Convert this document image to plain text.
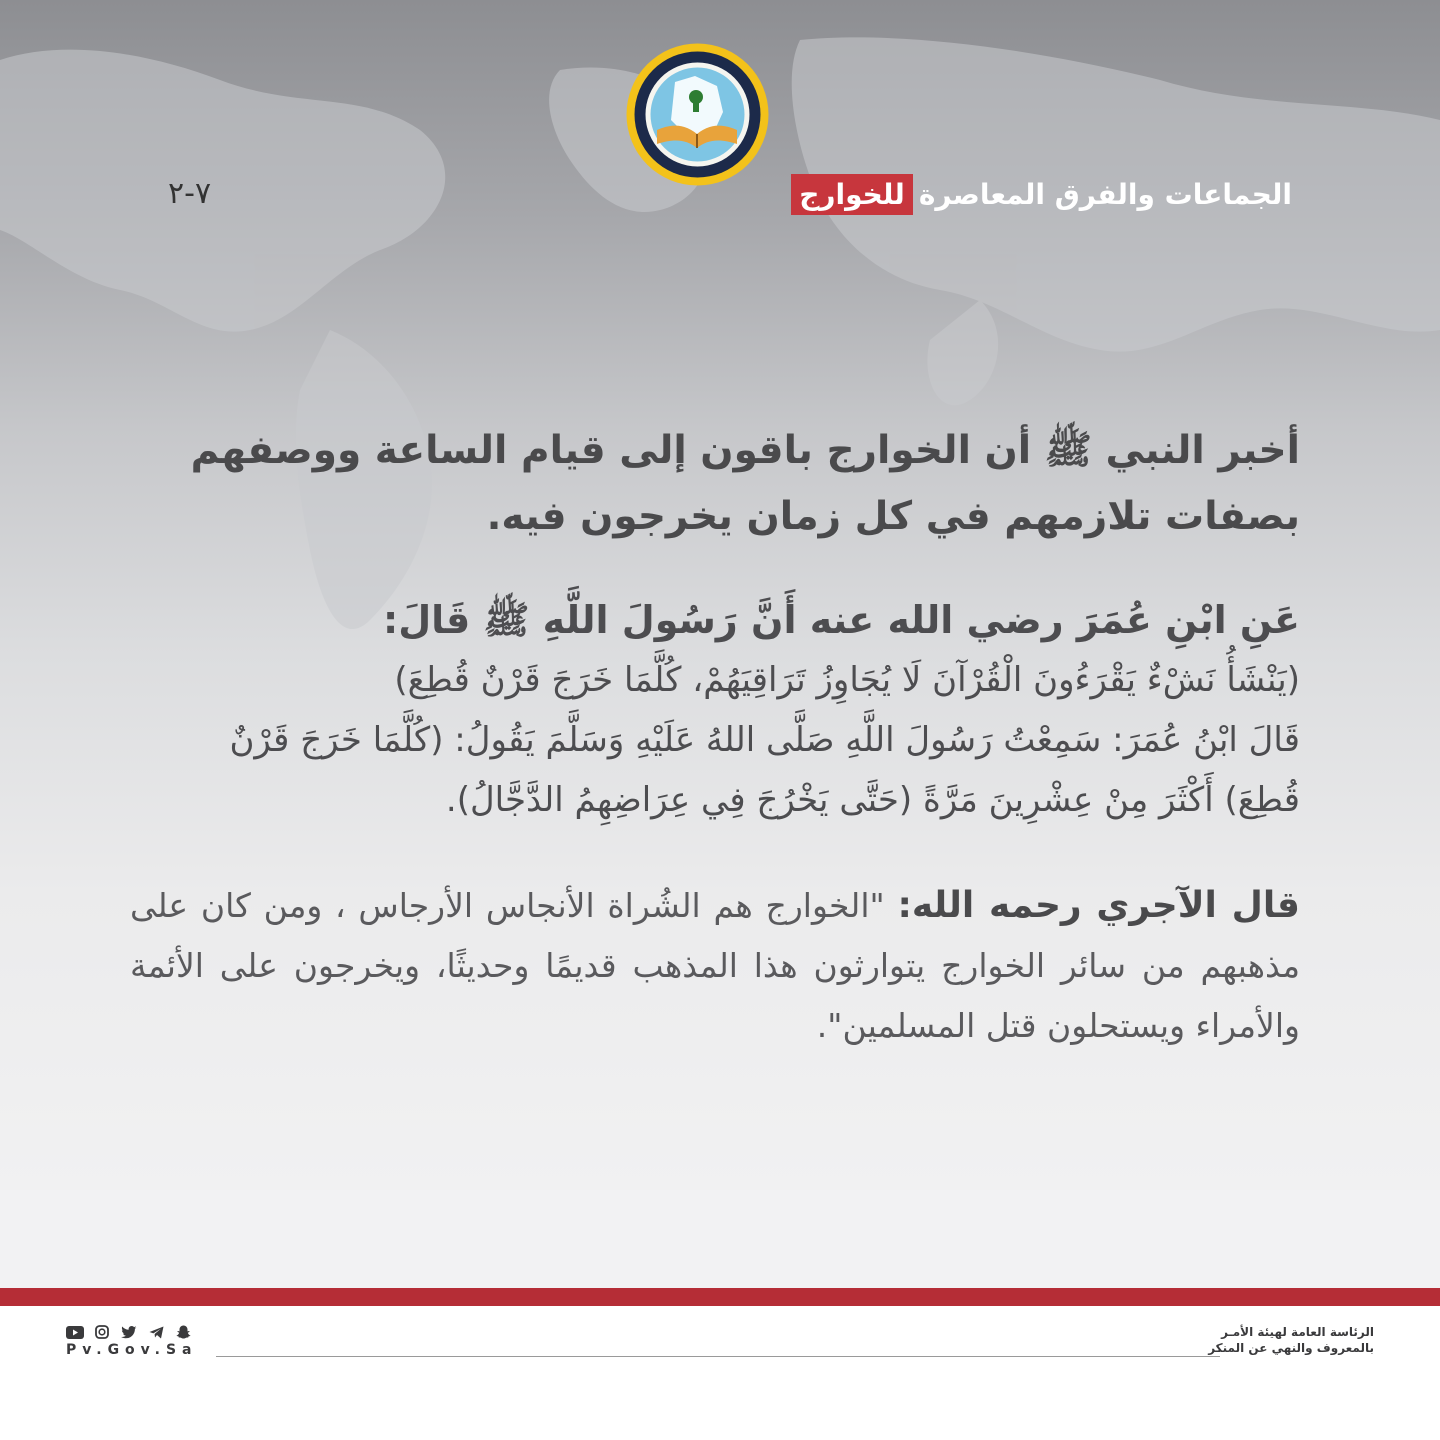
الجماعات والفرق المعاصرة
للخوارج
٧-٢
أخبر النبي ﷺ أن الخوارج باقون إلى قيام الساعة ووصفهم بصفات تلازمهم في كل زمان يخرجون فيه.

عَنِ ابْنِ عُمَرَ رضي الله عنه أَنَّ رَسُولَ اللَّهِ ﷺ قَالَ:

(يَنْشَأُ نَشْءٌ يَقْرَءُونَ الْقُرْآنَ لَا يُجَاوِزُ تَرَاقِيَهُمْ، كُلَّمَا خَرَجَ قَرْنٌ قُطِعَ)

قَالَ ابْنُ عُمَرَ: سَمِعْتُ رَسُولَ اللَّهِ صَلَّى اللهُ عَلَيْهِ وَسَلَّمَ يَقُولُ: (كُلَّمَا خَرَجَ قَرْنٌ قُطِعَ) أَكْثَرَ مِنْ عِشْرِينَ مَرَّةً (حَتَّى يَخْرُجَ فِي عِرَاضِهِمُ الدَّجَّالُ).

قال الآجري رحمه الله: "الخوارج هم الشُراة الأنجاس الأرجاس ، ومن كان على مذهبهم من سائر الخوارج يتوارثون هذا المذهب قديمًا وحديثًا، ويخرجون على الأئمة والأمراء ويستحلون قتل المسلمين".
الرئاسة العامة لهيئة الأمـر
بالمعروف والنهي عن المنكر
Pv.Gov.Sa
